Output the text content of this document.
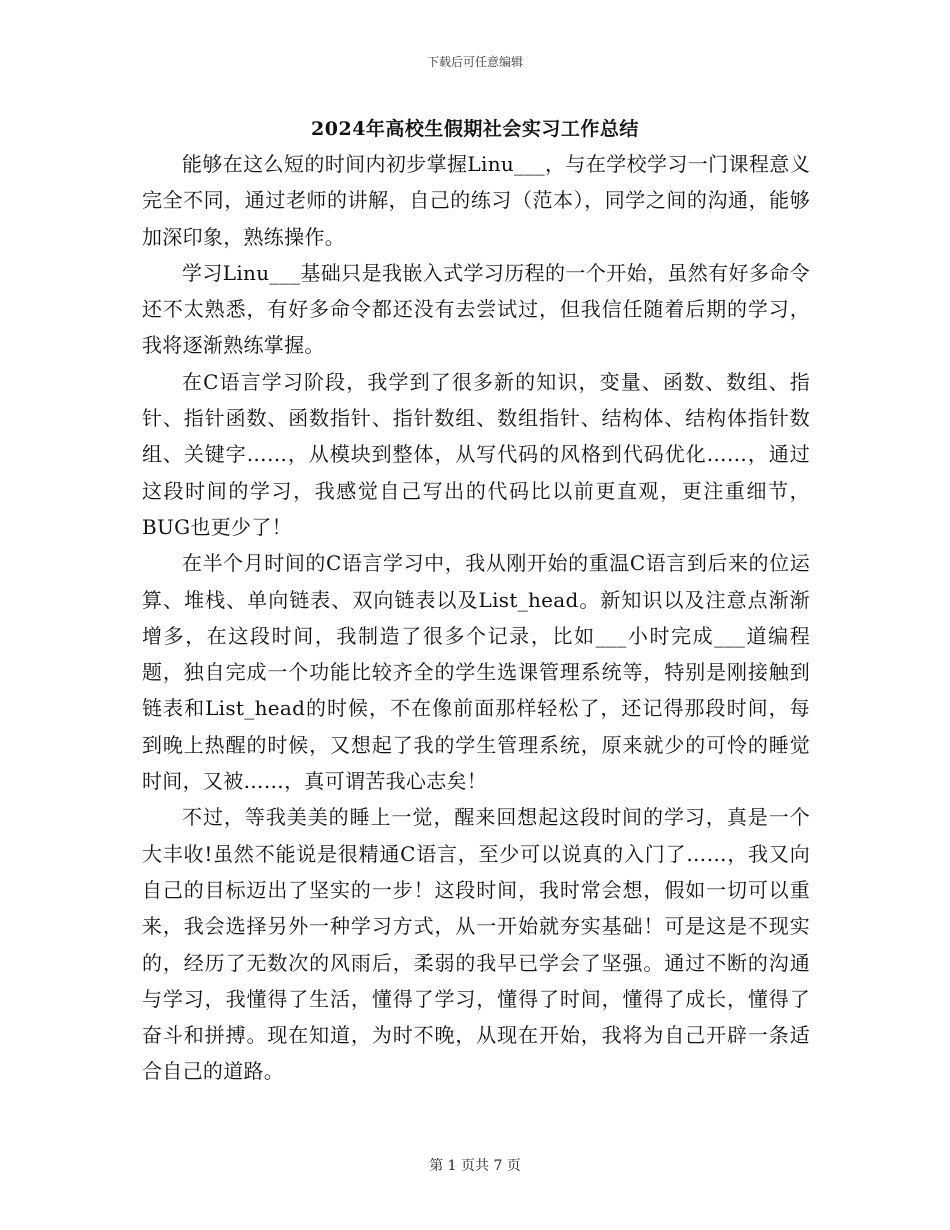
下载后可任意编辑
2024年高校生假期社会实习工作总结

能够在这么短的时间内初步掌握Linu___，与在学校学习一门课程意义完全不同，通过老师的讲解，自己的练习（范本），同学之间的沟通，能够加深印象，熟练操作。

学习Linu___基础只是我嵌入式学习历程的一个开始，虽然有好多命令还不太熟悉，有好多命令都还没有去尝试过，但我信任随着后期的学习，我将逐渐熟练掌握。

在C语言学习阶段，我学到了很多新的知识，变量、函数、数组、指针、指针函数、函数指针、指针数组、数组指针、结构体、结构体指针数组、关键字……，从模块到整体，从写代码的风格到代码优化……，通过这段时间的学习，我感觉自己写出的代码比以前更直观，更注重细节，BUG也更少了！

在半个月时间的C语言学习中，我从刚开始的重温C语言到后来的位运算、堆栈、单向链表、双向链表以及List_head。新知识以及注意点渐渐增多，在这段时间，我制造了很多个记录，比如___小时完成___道编程题，独自完成一个功能比较齐全的学生选课管理系统等，特别是刚接触到链表和List_head的时候，不在像前面那样轻松了，还记得那段时间，每到晚上热醒的时候，又想起了我的学生管理系统，原来就少的可怜的睡觉时间，又被……，真可谓苦我心志矣！

不过，等我美美的睡上一觉，醒来回想起这段时间的学习，真是一个大丰收!虽然不能说是很精通C语言，至少可以说真的入门了……，我又向自己的目标迈出了坚实的一步！这段时间，我时常会想，假如一切可以重来，我会选择另外一种学习方式，从一开始就夯实基础！可是这是不现实的，经历了无数次的风雨后，柔弱的我早已学会了坚强。通过不断的沟通与学习，我懂得了生活，懂得了学习，懂得了时间，懂得了成长，懂得了奋斗和拼搏。现在知道，为时不晚，从现在开始，我将为自己开辟一条适合自己的道路。

第 1 页共 7 页
